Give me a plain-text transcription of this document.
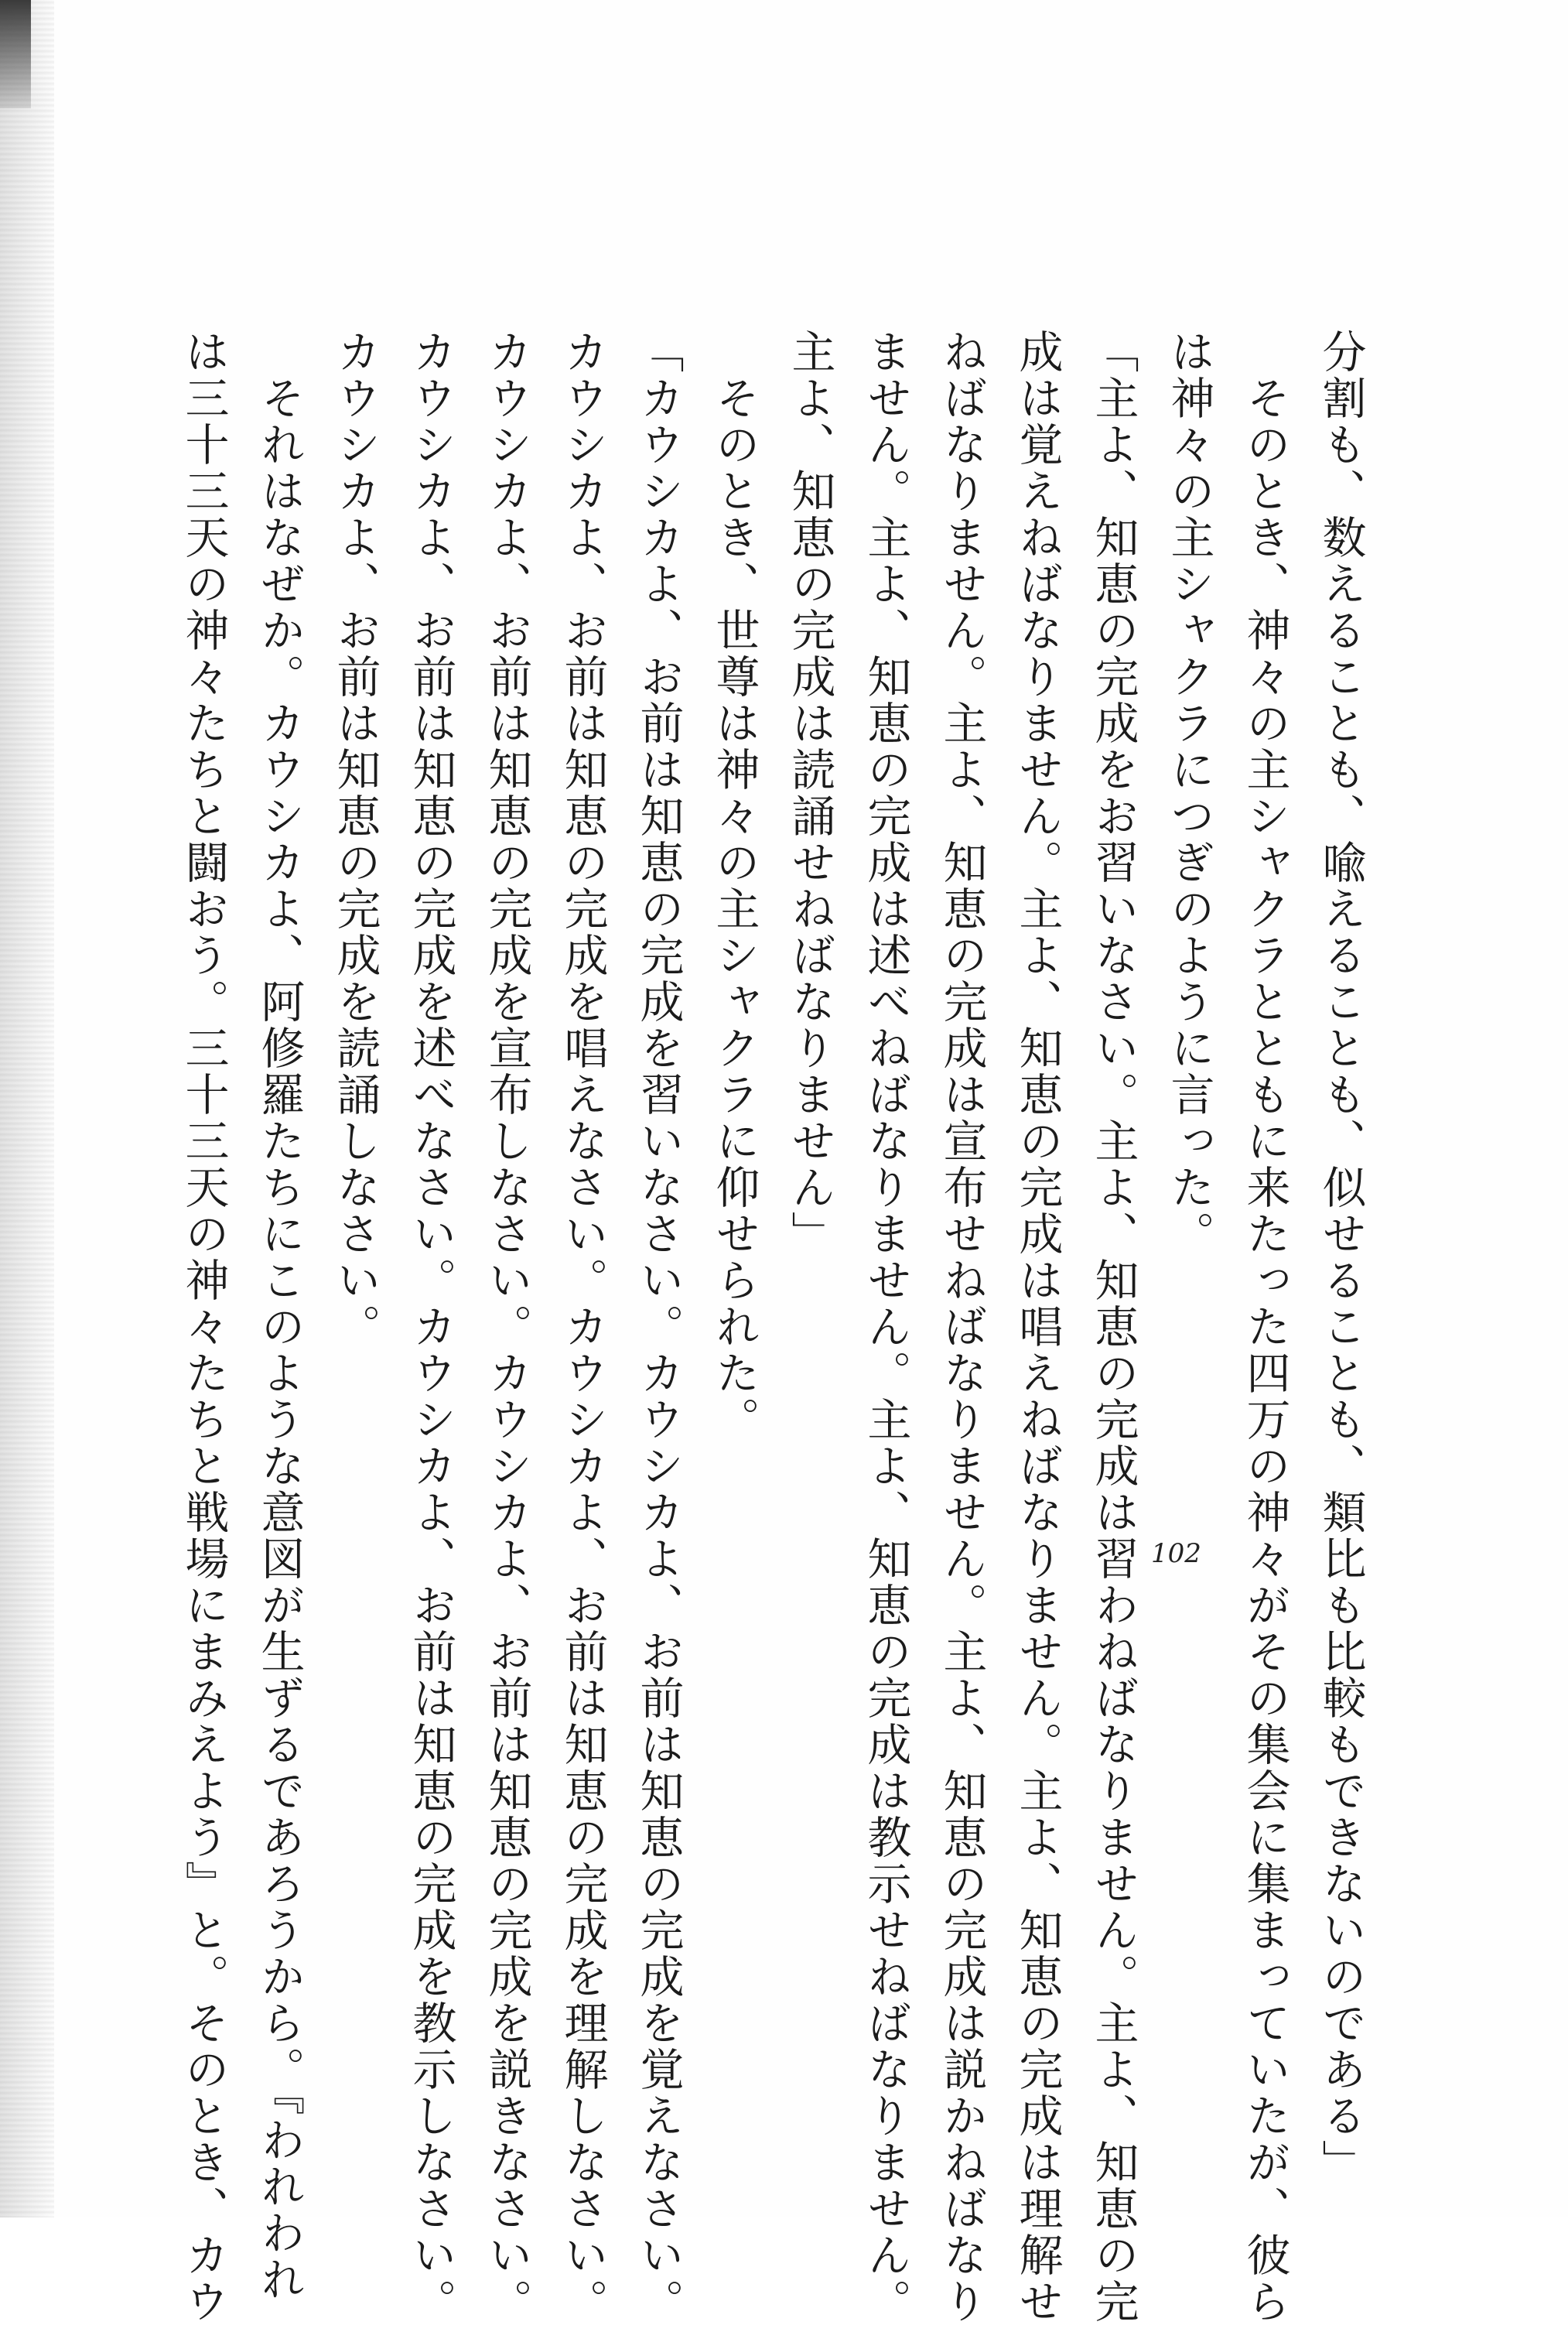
分割も、数えることも、喩えることも、似せることも、類比も比較もできないのである」
　そのとき、神々の主シャクラとともに来たった四万の神々がその集会に集まっていたが、彼ら
は神々の主シャクラにつぎのように言った。
「主よ、知恵の完成をお習いなさい。主よ、知恵の完成は習わねばなりません。主よ、知恵の完
成は覚えねばなりません。主よ、知恵の完成は唱えねばなりません。主よ、知恵の完成は理解せ
ねばなりません。主よ、知恵の完成は宣布せねばなりません。主よ、知恵の完成は説かねばなり
ません。主よ、知恵の完成は述べねばなりません。主よ、知恵の完成は教示せねばなりません。
主よ、知恵の完成は読誦せねばなりません」
　そのとき、世尊は神々の主シャクラに仰せられた。
「カウシカよ、お前は知恵の完成を習いなさい。カウシカよ、お前は知恵の完成を覚えなさい。
カウシカよ、お前は知恵の完成を唱えなさい。カウシカよ、お前は知恵の完成を理解しなさい。
カウシカよ、お前は知恵の完成を宣布しなさい。カウシカよ、お前は知恵の完成を説きなさい。
カウシカよ、お前は知恵の完成を述べなさい。カウシカよ、お前は知恵の完成を教示しなさい。
カウシカよ、お前は知恵の完成を読誦しなさい。
　それはなぜか。カウシカよ、阿修羅たちにこのような意図が生ずるであろうから。『われわれ
は三十三天の神々たちと闘おう。三十三天の神々たちと戦場にまみえよう』と。そのとき、カウ	102
